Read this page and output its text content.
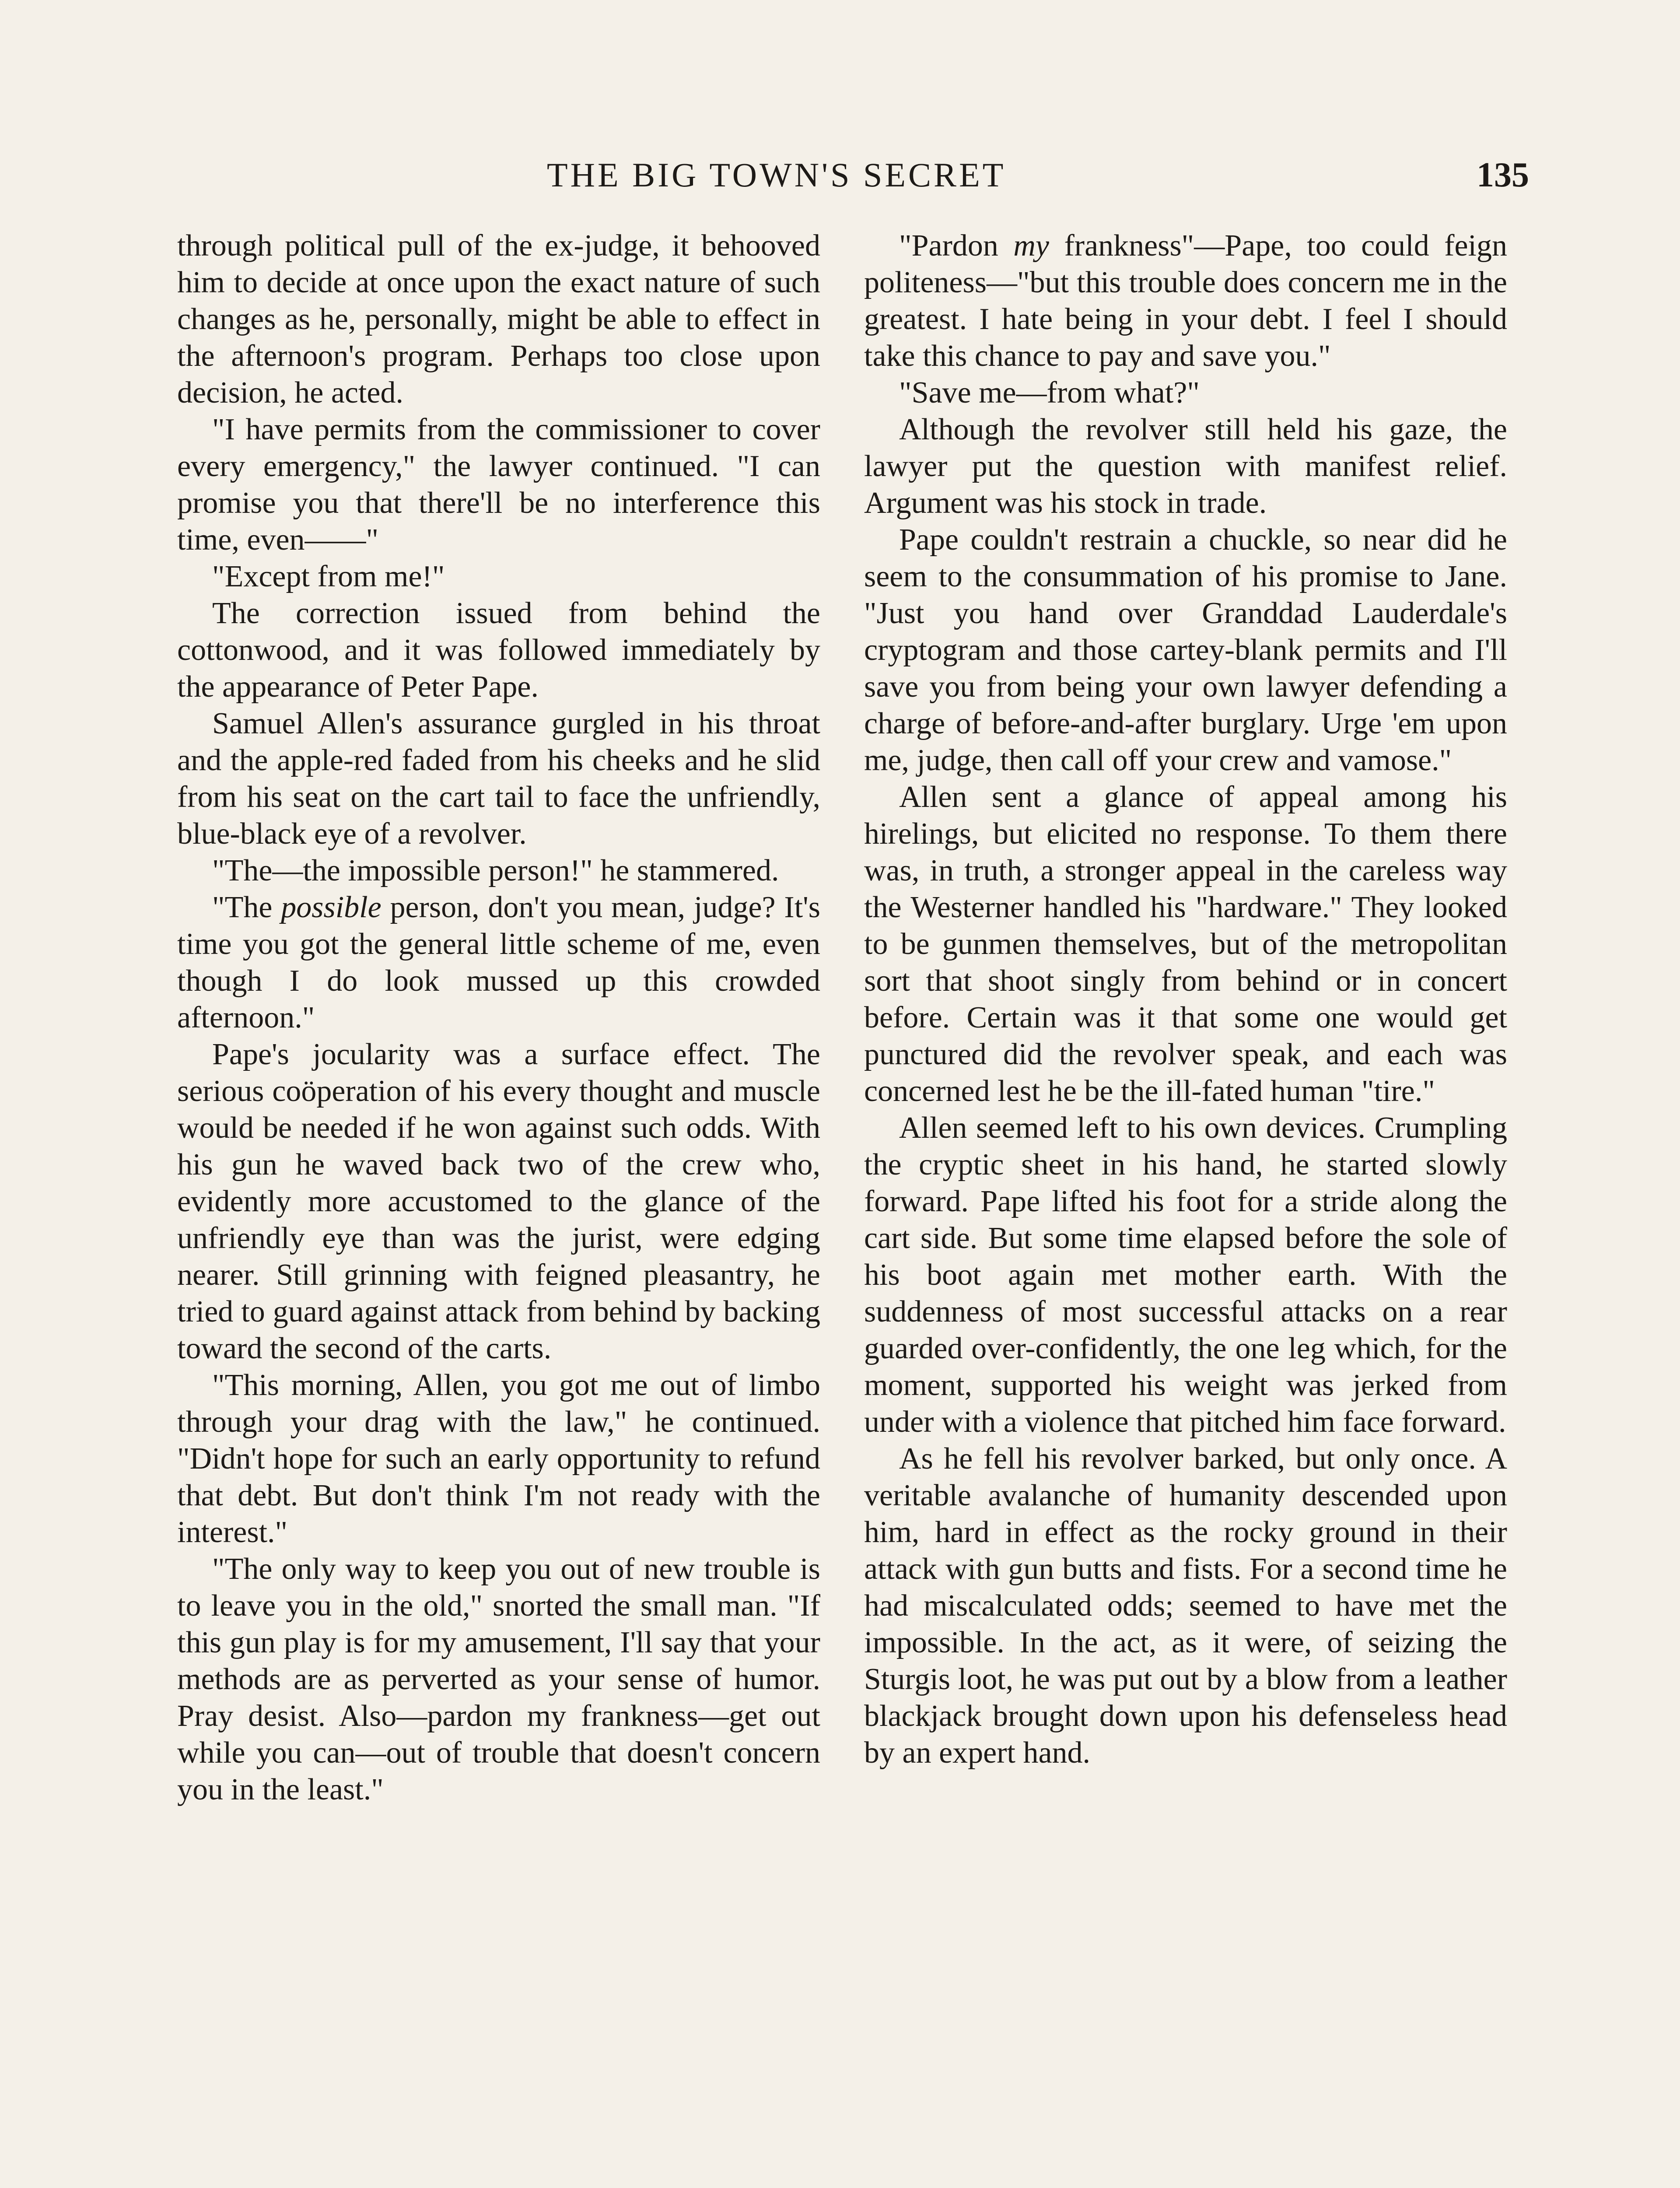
THE BIG TOWN'S SECRET	135

through political pull of the ex-judge, it behooved him to decide at once upon the exact nature of such changes as he, personally, might be able to effect in the afternoon's program. Perhaps too close upon decision, he acted.

"I have permits from the commissioner to cover every emergency," the lawyer continued. "I can promise you that there'll be no interference this time, even——"

"Except from me!"

The correction issued from behind the cottonwood, and it was followed immediately by the appearance of Peter Pape.

Samuel Allen's assurance gurgled in his throat and the apple-red faded from his cheeks and he slid from his seat on the cart tail to face the unfriendly, blue-black eye of a revolver.

"The—the impossible person!" he stammered.

"The possible person, don't you mean, judge? It's time you got the general little scheme of me, even though I do look mussed up this crowded afternoon."

Pape's jocularity was a surface effect. The serious coöperation of his every thought and muscle would be needed if he won against such odds. With his gun he waved back two of the crew who, evidently more accustomed to the glance of the unfriendly eye than was the jurist, were edging nearer. Still grinning with feigned pleasantry, he tried to guard against attack from behind by backing toward the second of the carts.

"This morning, Allen, you got me out of limbo through your drag with the law," he continued. "Didn't hope for such an early opportunity to refund that debt. But don't think I'm not ready with the interest."

"The only way to keep you out of new trouble is to leave you in the old," snorted the small man. "If this gun play is for my amusement, I'll say that your methods are as perverted as your sense of humor. Pray desist. Also—pardon my frankness—get out while you can—out of trouble that doesn't concern you in the least."

"Pardon my frankness"—Pape, too could feign politeness—"but this trouble does concern me in the greatest. I hate being in your debt. I feel I should take this chance to pay and save you."

"Save me—from what?"

Although the revolver still held his gaze, the lawyer put the question with manifest relief. Argument was his stock in trade.

Pape couldn't restrain a chuckle, so near did he seem to the consummation of his promise to Jane. "Just you hand over Granddad Lauderdale's cryptogram and those cartey-blank permits and I'll save you from being your own lawyer defending a charge of before-and-after burglary. Urge 'em upon me, judge, then call off your crew and vamose."

Allen sent a glance of appeal among his hirelings, but elicited no response. To them there was, in truth, a stronger appeal in the careless way the Westerner handled his "hardware." They looked to be gunmen themselves, but of the metropolitan sort that shoot singly from behind or in concert before. Certain was it that some one would get punctured did the revolver speak, and each was concerned lest he be the ill-fated human "tire."

Allen seemed left to his own devices. Crumpling the cryptic sheet in his hand, he started slowly forward. Pape lifted his foot for a stride along the cart side. But some time elapsed before the sole of his boot again met mother earth. With the suddenness of most successful attacks on a rear guarded over-confidently, the one leg which, for the moment, supported his weight was jerked from under with a violence that pitched him face forward.

As he fell his revolver barked, but only once. A veritable avalanche of humanity descended upon him, hard in effect as the rocky ground in their attack with gun butts and fists. For a second time he had miscalculated odds; seemed to have met the impossible. In the act, as it were, of seizing the Sturgis loot, he was put out by a blow from a leather blackjack brought down upon his defenseless head by an expert hand.
